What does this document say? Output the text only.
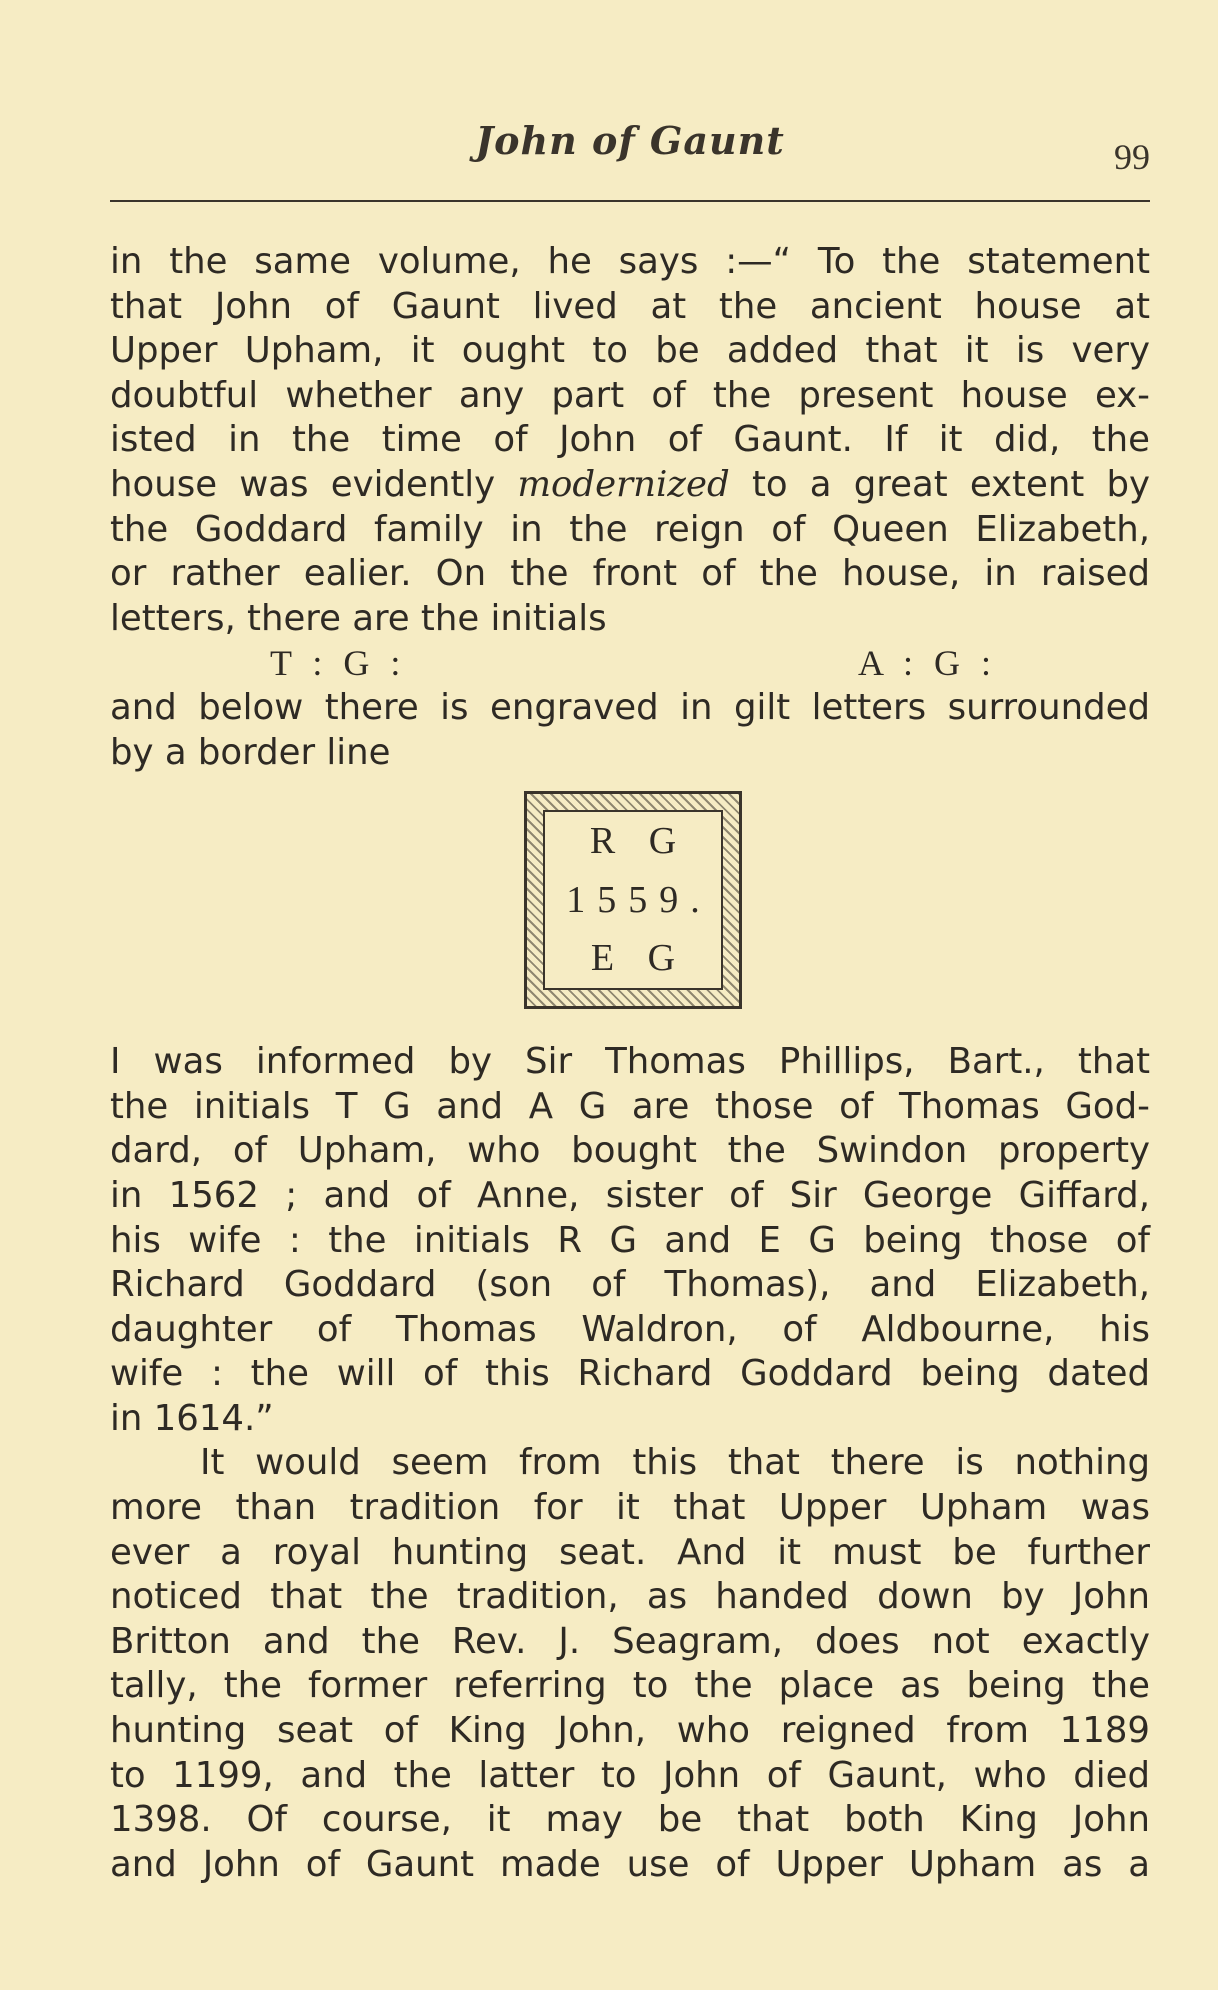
John of Gaunt	99
in the same volume, he says :—“ To the statement
that John of Gaunt lived at the ancient house at
Upper Upham, it ought to be added that it is very
doubtful whether any part of the present house ex-
isted in the time of John of Gaunt. If it did, the
house was evidently modernized to a great extent by
the Goddard family in the reign of Queen Elizabeth,
or rather ealier. On the front of the house, in raised
letters, there are the initials
T : G :	A : G :
and below there is engraved in gilt letters surrounded
by a border line
R G
1559.
E G
I was informed by Sir Thomas Phillips, Bart., that
the initials T G and A G are those of Thomas God-
dard, of Upham, who bought the Swindon property
in 1562 ; and of Anne, sister of Sir George Giffard,
his wife : the initials R G and E G being those of
Richard Goddard (son of Thomas), and Elizabeth,
daughter of Thomas Waldron, of Aldbourne, his
wife : the will of this Richard Goddard being dated
in 1614.”
It would seem from this that there is nothing
more than tradition for it that Upper Upham was
ever a royal hunting seat. And it must be further
noticed that the tradition, as handed down by John
Britton and the Rev. J. Seagram, does not exactly
tally, the former referring to the place as being the
hunting seat of King John, who reigned from 1189
to 1199, and the latter to John of Gaunt, who died
1398. Of course, it may be that both King John
and John of Gaunt made use of Upper Upham as a
